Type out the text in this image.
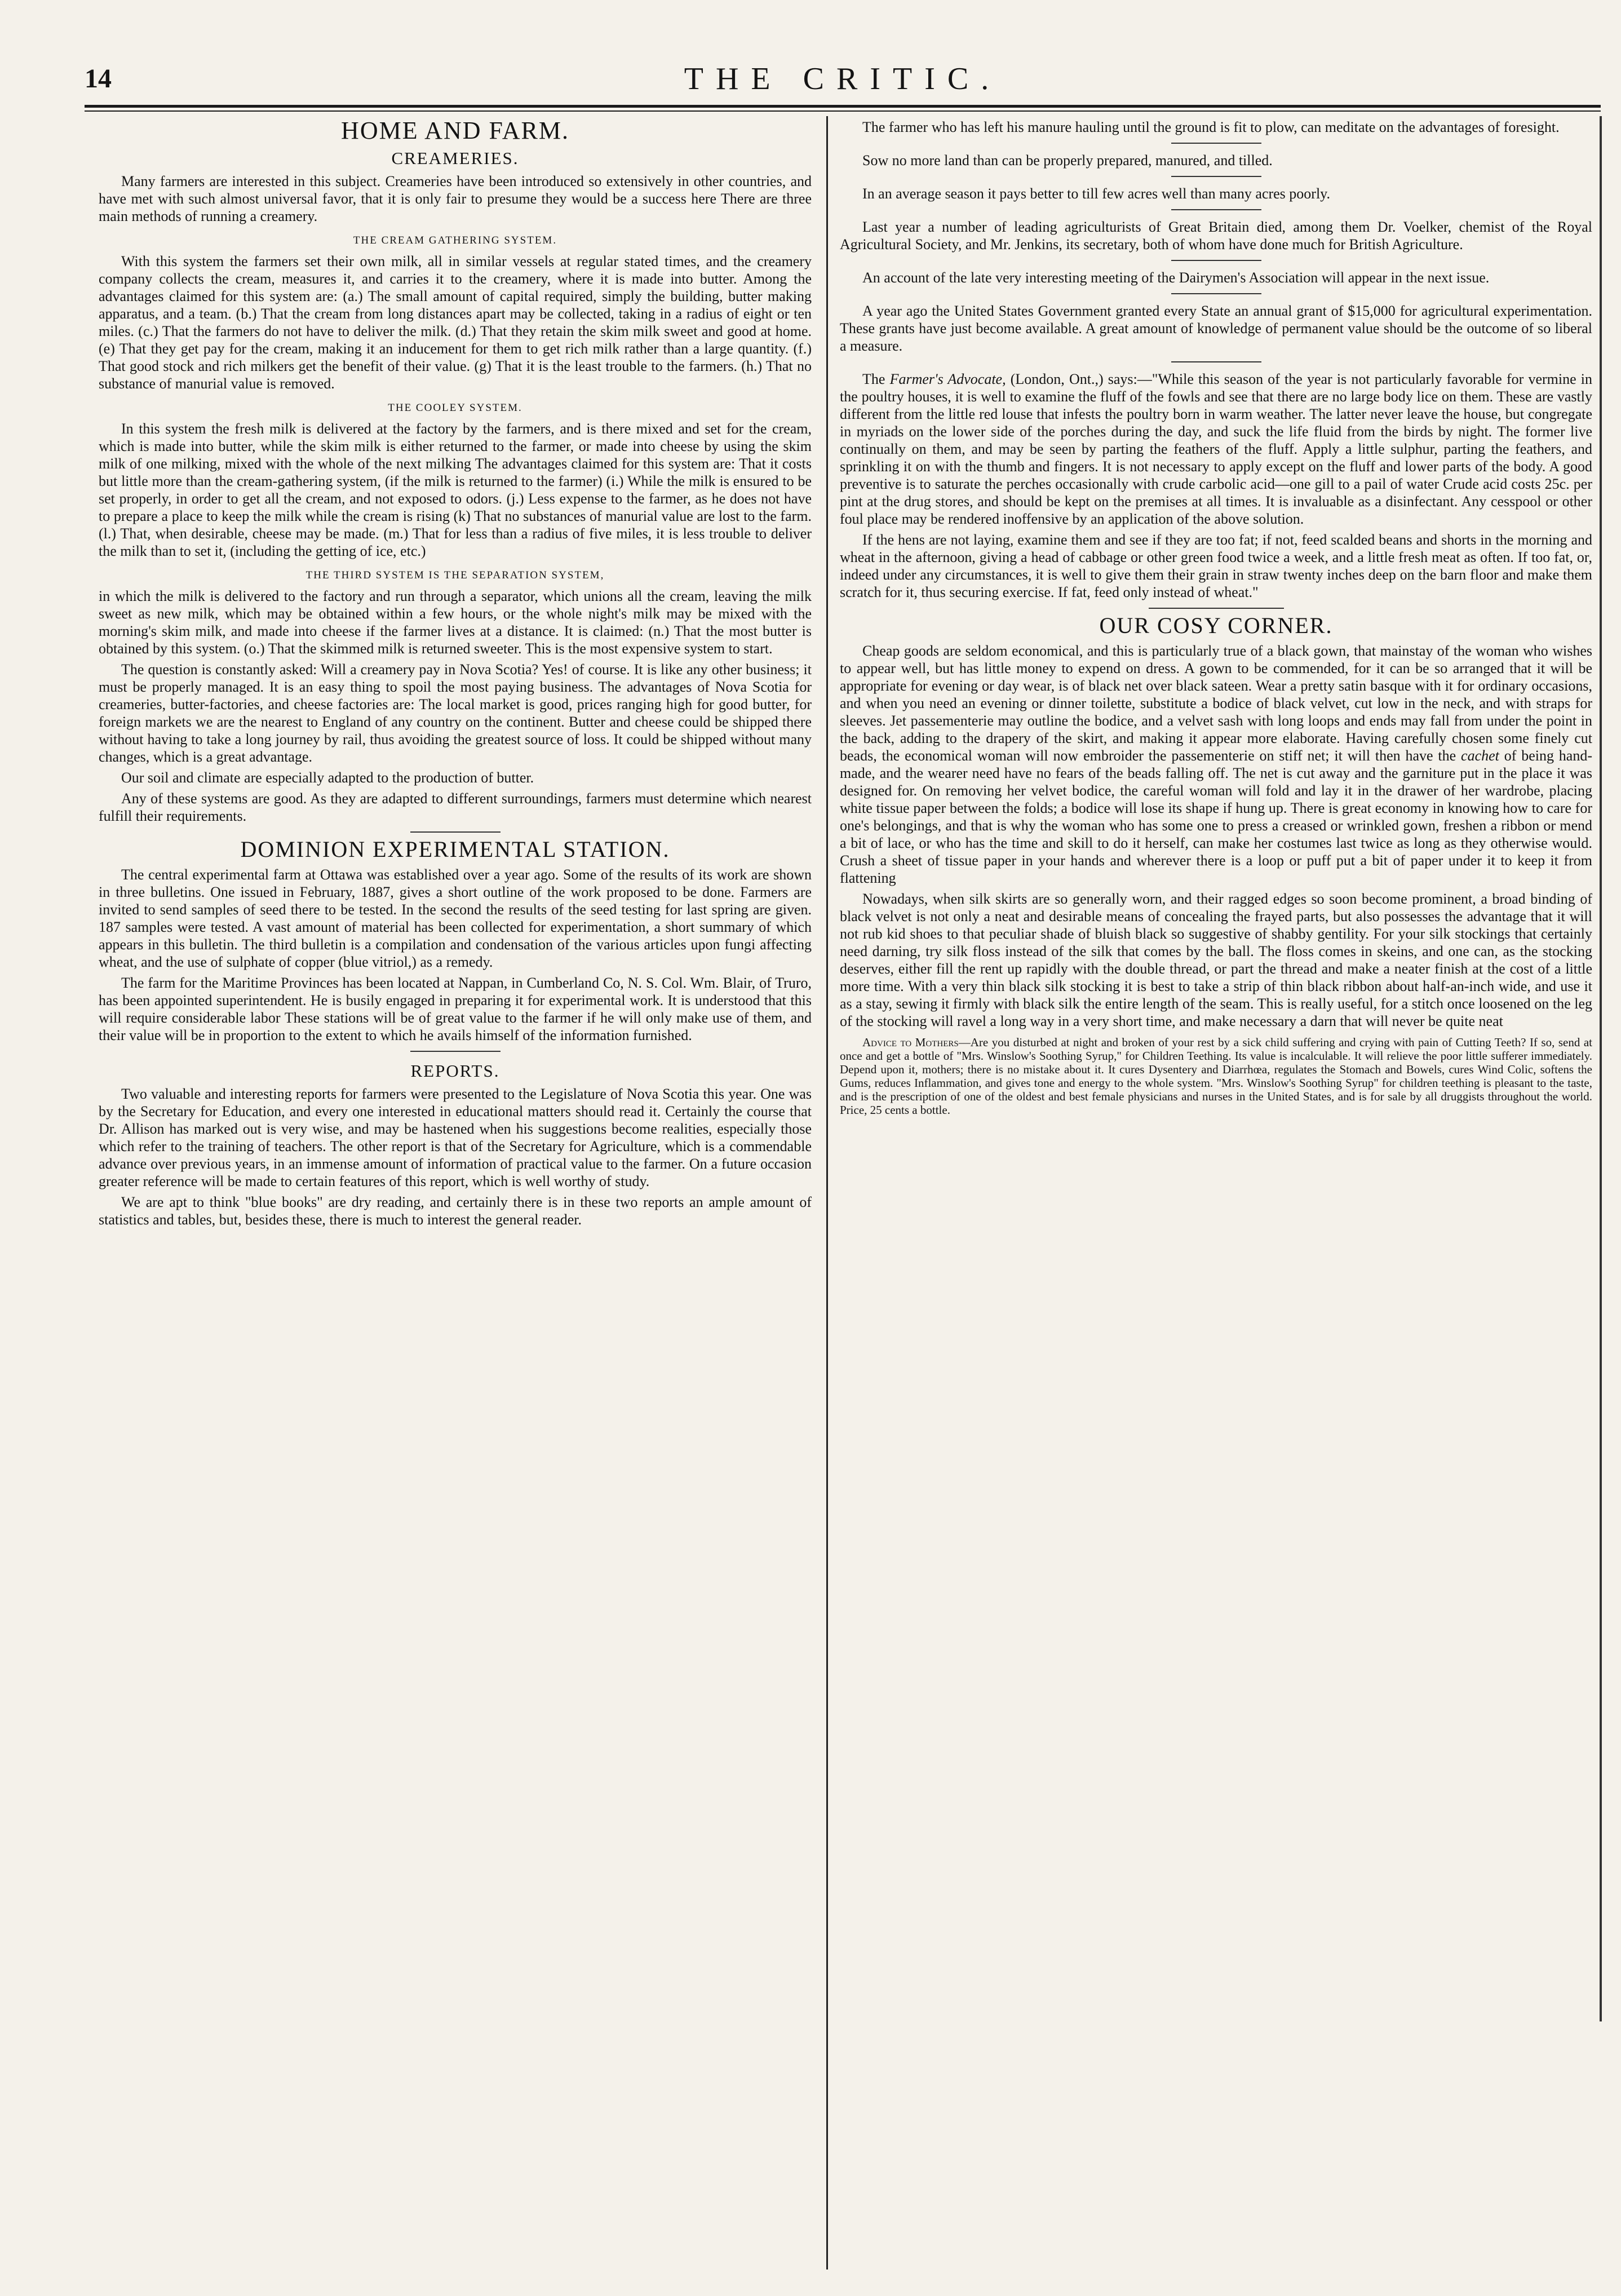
14	THE CRITIC.
HOME AND FARM.
CREAMERIES.

Many farmers are interested in this subject. Creameries have been introduced so extensively in other countries, and have met with such almost universal favor, that it is only fair to presume they would be a success here There are three main methods of running a creamery.

THE CREAM GATHERING SYSTEM.

With this system the farmers set their own milk, all in similar vessels at regular stated times, and the creamery company collects the cream, measures it, and carries it to the creamery, where it is made into butter. Among the advantages claimed for this system are: (a.) The small amount of capital required, simply the building, butter making apparatus, and a team. (b.) That the cream from long distances apart may be collected, taking in a radius of eight or ten miles. (c.) That the farmers do not have to deliver the milk. (d.) That they retain the skim milk sweet and good at home. (e) That they get pay for the cream, making it an inducement for them to get rich milk rather than a large quantity. (f.) That good stock and rich milkers get the benefit of their value. (g) That it is the least trouble to the farmers. (h.) That no substance of manurial value is removed.

THE COOLEY SYSTEM.

In this system the fresh milk is delivered at the factory by the farmers, and is there mixed and set for the cream, which is made into butter, while the skim milk is either returned to the farmer, or made into cheese by using the skim milk of one milking, mixed with the whole of the next milking The advantages claimed for this system are: That it costs but little more than the cream-gathering system, (if the milk is returned to the farmer) (i.) While the milk is ensured to be set properly, in order to get all the cream, and not exposed to odors. (j.) Less expense to the farmer, as he does not have to prepare a place to keep the milk while the cream is rising (k) That no substances of manurial value are lost to the farm. (l.) That, when desirable, cheese may be made. (m.) That for less than a radius of five miles, it is less trouble to deliver the milk than to set it, (including the getting of ice, etc.)

THE THIRD SYSTEM IS THE SEPARATION SYSTEM,

in which the milk is delivered to the factory and run through a separator, which unions all the cream, leaving the milk sweet as new milk, which may be obtained within a few hours, or the whole night's milk may be mixed with the morning's skim milk, and made into cheese if the farmer lives at a distance. It is claimed: (n.) That the most butter is obtained by this system. (o.) That the skimmed milk is returned sweeter. This is the most expensive system to start.

The question is constantly asked: Will a creamery pay in Nova Scotia? Yes! of course. It is like any other business; it must be properly managed. It is an easy thing to spoil the most paying business. The advantages of Nova Scotia for creameries, butter-factories, and cheese factories are: The local market is good, prices ranging high for good butter, for foreign markets we are the nearest to England of any country on the continent. Butter and cheese could be shipped there without having to take a long journey by rail, thus avoiding the greatest source of loss. It could be shipped without many changes, which is a great advantage.

Our soil and climate are especially adapted to the production of butter.

Any of these systems are good. As they are adapted to different surroundings, farmers must determine which nearest fulfill their requirements.

DOMINION EXPERIMENTAL STATION.

The central experimental farm at Ottawa was established over a year ago. Some of the results of its work are shown in three bulletins. One issued in February, 1887, gives a short outline of the work proposed to be done. Farmers are invited to send samples of seed there to be tested. In the second the results of the seed testing for last spring are given. 187 samples were tested. A vast amount of material has been collected for experimentation, a short summary of which appears in this bulletin. The third bulletin is a compilation and condensation of the various articles upon fungi affecting wheat, and the use of sulphate of copper (blue vitriol,) as a remedy.

The farm for the Maritime Provinces has been located at Nappan, in Cumberland Co, N. S. Col. Wm. Blair, of Truro, has been appointed superintendent. He is busily engaged in preparing it for experimental work. It is understood that this will require considerable labor These stations will be of great value to the farmer if he will only make use of them, and their value will be in proportion to the extent to which he avails himself of the information furnished.

REPORTS.

Two valuable and interesting reports for farmers were presented to the Legislature of Nova Scotia this year. One was by the Secretary for Education, and every one interested in educational matters should read it. Certainly the course that Dr. Allison has marked out is very wise, and may be hastened when his suggestions become realities, especially those which refer to the training of teachers. The other report is that of the Secretary for Agriculture, which is a commendable advance over previous years, in an immense amount of information of practical value to the farmer. On a future occasion greater reference will be made to certain features of this report, which is well worthy of study.

We are apt to think "blue books" are dry reading, and certainly there is in these two reports an ample amount of statistics and tables, but, besides these, there is much to interest the general reader.

The farmer who has left his manure hauling until the ground is fit to plow, can meditate on the advantages of foresight.

Sow no more land than can be properly prepared, manured, and tilled.

In an average season it pays better to till few acres well than many acres poorly.

Last year a number of leading agriculturists of Great Britain died, among them Dr. Voelker, chemist of the Royal Agricultural Society, and Mr. Jenkins, its secretary, both of whom have done much for British Agriculture.

An account of the late very interesting meeting of the Dairymen's Association will appear in the next issue.

A year ago the United States Government granted every State an annual grant of $15,000 for agricultural experimentation. These grants have just become available. A great amount of knowledge of permanent value should be the outcome of so liberal a measure.

The Farmer's Advocate, (London, Ont.,) says:—"While this season of the year is not particularly favorable for vermine in the poultry houses, it is well to examine the fluff of the fowls and see that there are no large body lice on them. These are vastly different from the little red louse that infests the poultry born in warm weather. The latter never leave the house, but congregate in myriads on the lower side of the porches during the day, and suck the life fluid from the birds by night. The former live continually on them, and may be seen by parting the feathers of the fluff. Apply a little sulphur, parting the feathers, and sprinkling it on with the thumb and fingers. It is not necessary to apply except on the fluff and lower parts of the body. A good preventive is to saturate the perches occasionally with crude carbolic acid—one gill to a pail of water Crude acid costs 25c. per pint at the drug stores, and should be kept on the premises at all times. It is invaluable as a disinfectant. Any cesspool or other foul place may be rendered inoffensive by an application of the above solution.

If the hens are not laying, examine them and see if they are too fat; if not, feed scalded beans and shorts in the morning and wheat in the afternoon, giving a head of cabbage or other green food twice a week, and a little fresh meat as often. If too fat, or, indeed under any circumstances, it is well to give them their grain in straw twenty inches deep on the barn floor and make them scratch for it, thus securing exercise. If fat, feed only instead of wheat."

OUR COSY CORNER.

Cheap goods are seldom economical, and this is particularly true of a black gown, that mainstay of the woman who wishes to appear well, but has little money to expend on dress. A gown to be commended, for it can be so arranged that it will be appropriate for evening or day wear, is of black net over black sateen. Wear a pretty satin basque with it for ordinary occasions, and when you need an evening or dinner toilette, substitute a bodice of black velvet, cut low in the neck, and with straps for sleeves. Jet passementerie may outline the bodice, and a velvet sash with long loops and ends may fall from under the point in the back, adding to the drapery of the skirt, and making it appear more elaborate. Having carefully chosen some finely cut beads, the economical woman will now embroider the passementerie on stiff net; it will then have the cachet of being hand-made, and the wearer need have no fears of the beads falling off. The net is cut away and the garniture put in the place it was designed for. On removing her velvet bodice, the careful woman will fold and lay it in the drawer of her wardrobe, placing white tissue paper between the folds; a bodice will lose its shape if hung up. There is great economy in knowing how to care for one's belongings, and that is why the woman who has some one to press a creased or wrinkled gown, freshen a ribbon or mend a bit of lace, or who has the time and skill to do it herself, can make her costumes last twice as long as they otherwise would. Crush a sheet of tissue paper in your hands and wherever there is a loop or puff put a bit of paper under it to keep it from flattening

Nowadays, when silk skirts are so generally worn, and their ragged edges so soon become prominent, a broad binding of black velvet is not only a neat and desirable means of concealing the frayed parts, but also possesses the advantage that it will not rub kid shoes to that peculiar shade of bluish black so suggestive of shabby gentility. For your silk stockings that certainly need darning, try silk floss instead of the silk that comes by the ball. The floss comes in skeins, and one can, as the stocking deserves, either fill the rent up rapidly with the double thread, or part the thread and make a neater finish at the cost of a little more time. With a very thin black silk stocking it is best to take a strip of thin black ribbon about half-an-inch wide, and use it as a stay, sewing it firmly with black silk the entire length of the seam. This is really useful, for a stitch once loosened on the leg of the stocking will ravel a long way in a very short time, and make necessary a darn that will never be quite neat

Advice to Mothers—Are you disturbed at night and broken of your rest by a sick child suffering and crying with pain of Cutting Teeth? If so, send at once and get a bottle of "Mrs. Winslow's Soothing Syrup," for Children Teething. Its value is incalculable. It will relieve the poor little sufferer immediately. Depend upon it, mothers; there is no mistake about it. It cures Dysentery and Diarrhœa, regulates the Stomach and Bowels, cures Wind Colic, softens the Gums, reduces Inflammation, and gives tone and energy to the whole system. "Mrs. Winslow's Soothing Syrup" for children teething is pleasant to the taste, and is the prescription of one of the oldest and best female physicians and nurses in the United States, and is for sale by all druggists throughout the world. Price, 25 cents a bottle.
